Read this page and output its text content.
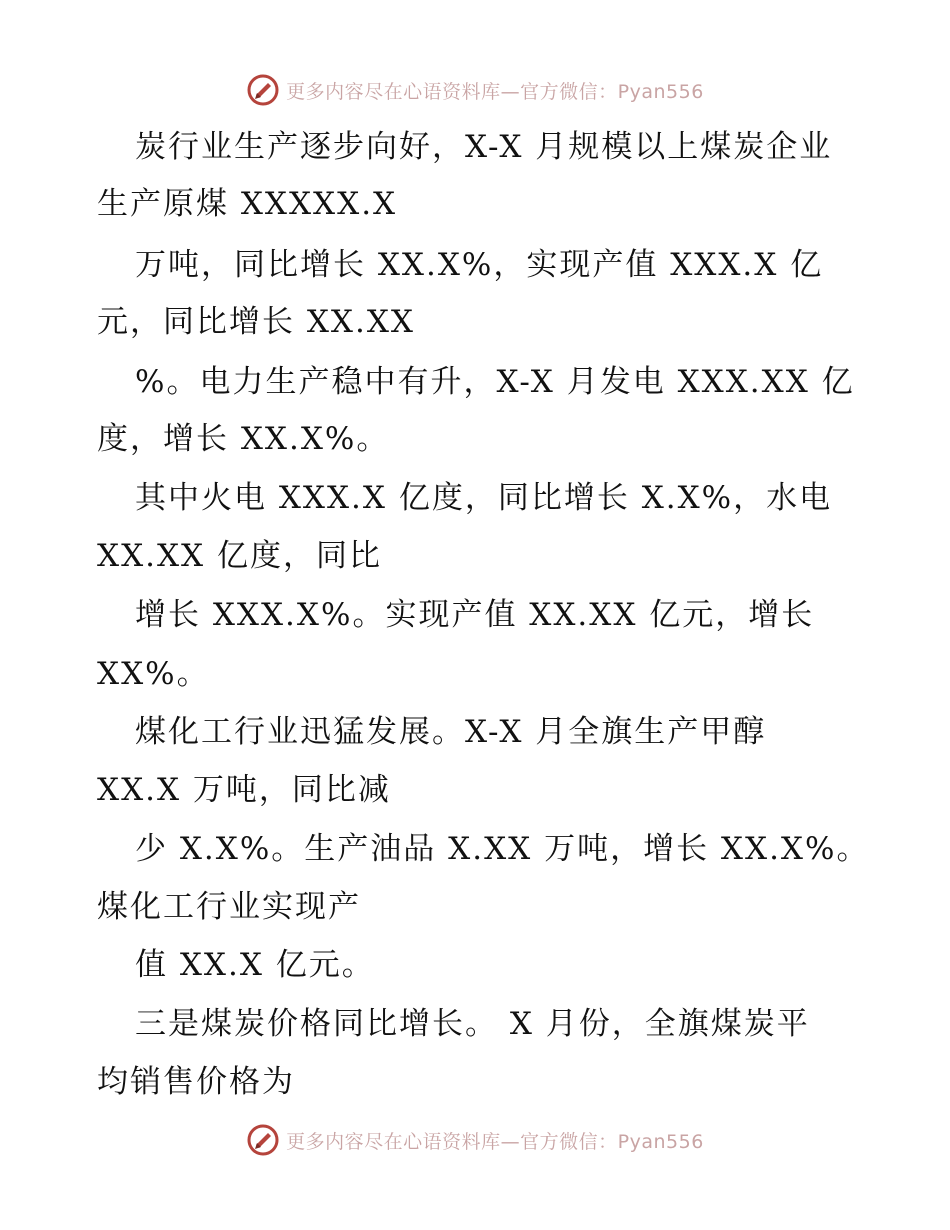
更多内容尽在心语资料库—官方微信：Pyan556
炭行业生产逐步向好，X-X 月规模以上煤炭企业
生产原煤 XXXXX.X
万吨，同比增长 XX.X%，实现产值 XXX.X 亿
元，同比增长 XX.XX
%。电力生产稳中有升，X-X 月发电 XXX.XX 亿
度，增长 XX.X%。
其中火电 XXX.X 亿度，同比增长 X.X%，水电
XX.XX 亿度，同比
增长 XXX.X%。实现产值 XX.XX 亿元，增长
XX%。
煤化工行业迅猛发展。X-X 月全旗生产甲醇
XX.X 万吨，同比减
少 X.X%。生产油品 X.XX 万吨，增长 XX.X%。
煤化工行业实现产
值 XX.X 亿元。
三是煤炭价格同比增长。 X 月份，全旗煤炭平
均销售价格为
更多内容尽在心语资料库—官方微信：Pyan556
